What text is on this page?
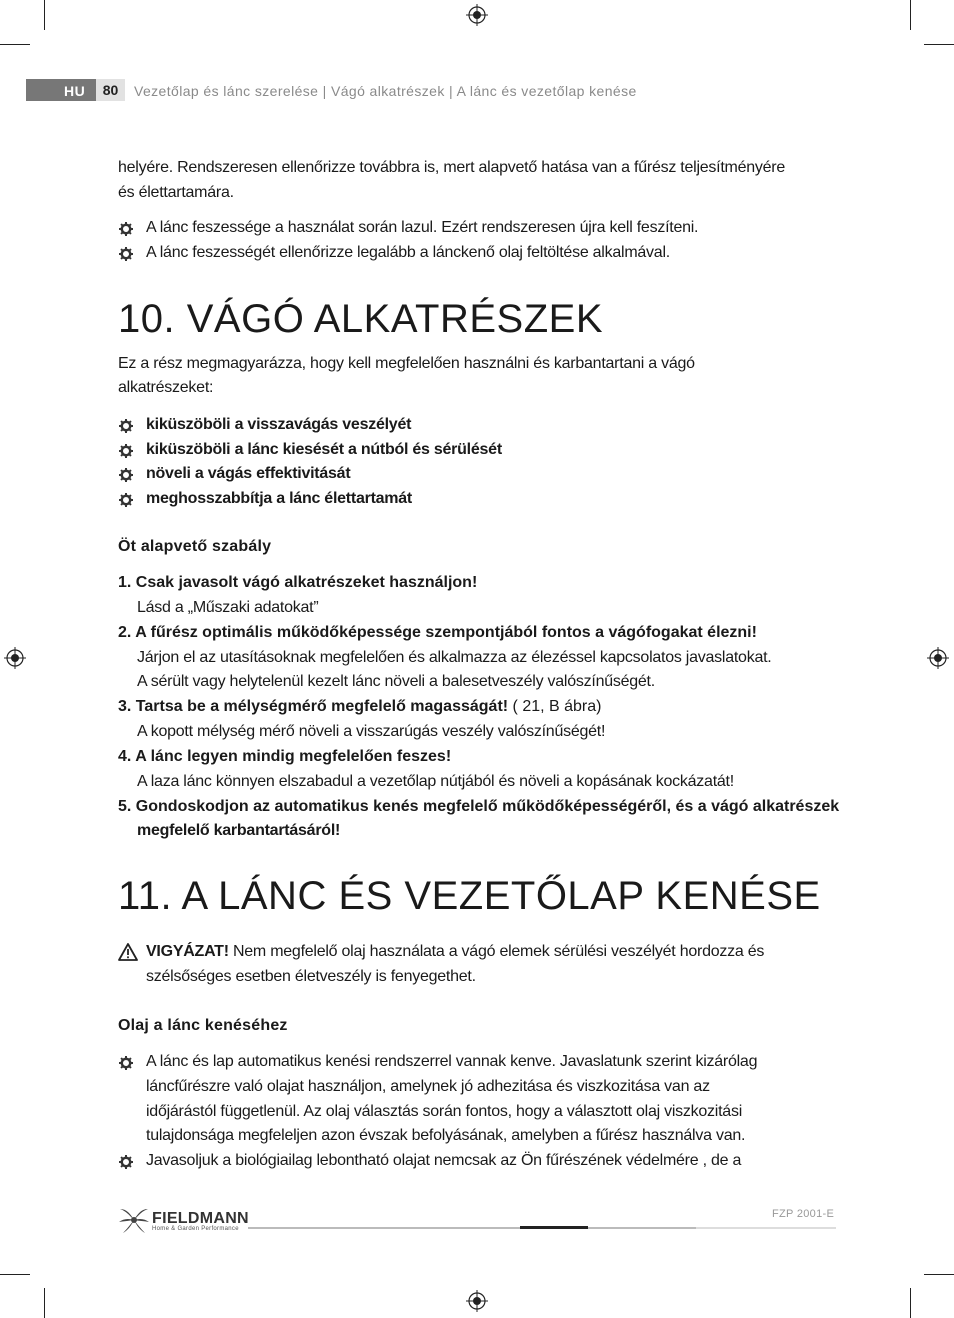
HU	80	Vezetőlap és lánc szerelése | Vágó alkatrészek | A lánc és vezetőlap kenése
helyére. Rendszeresen ellenőrizze továbbra is, mert alapvető hatása van a fűrész teljesítményére
és élettartamára.
A lánc feszessége a használat során lazul. Ezért rendszeresen újra kell feszíteni.
A lánc feszességét ellenőrizze legalább a lánckenő olaj feltöltése alkalmával.
10. VÁGÓ ALKATRÉSZEK
Ez a rész megmagyarázza, hogy kell megfelelően használni és karbantartani a vágó
alkatrészeket:
kiküszöböli a visszavágás veszélyét
kiküszöböli a lánc kiesését a nútból és sérülését
növeli a vágás effektivitását
meghosszabbítja a lánc élettartamát
Öt alapvető szabály
1. Csak javasolt vágó alkatrészeket használjon!
Lásd a „Műszaki adatokat”
2. A fűrész optimális működőképessége szempontjából fontos a vágófogakat élezni!
Járjon el az utasításoknak megfelelően és alkalmazza az élezéssel kapcsolatos javaslatokat.
A sérült vagy helytelenül kezelt lánc növeli a balesetveszély valószínűségét.
3. Tartsa be a mélységmérő megfelelő magasságát! ( 21, B ábra)
A kopott mélység mérő növeli a visszarúgás veszély valószínűségét!
4. A lánc legyen mindig megfelelően feszes!
A laza lánc könnyen elszabadul a vezetőlap nútjából és növeli a kopásának kockázatát!
5. Gondoskodjon az automatikus kenés megfelelő működőképességéről, és a vágó alkatrészek
megfelelő karbantartásáról!
11. A LÁNC ÉS VEZETŐLAP KENÉSE
VIGYÁZAT! Nem megfelelő olaj használata a vágó elemek sérülési veszélyét hordozza és
szélsőséges esetben életveszély is fenyegethet.
Olaj a lánc kenéséhez
A lánc és lap automatikus kenési rendszerrel vannak kenve. Javaslatunk szerint kizárólag
láncfűrészre való olajat használjon, amelynek jó adhezitása és viszkozitása van az
időjárástól függetlenül. Az olaj választás során fontos, hogy a választott olaj viszkozitási
tulajdonsága megfeleljen azon évszak befolyásának, amelyben a fűrész használva van.
Javasoljuk a biológiailag lebontható olajat nemcsak az Ön fűrészének védelmére , de a
FIELDMANN
Home & Garden Performance
FZP 2001-E
